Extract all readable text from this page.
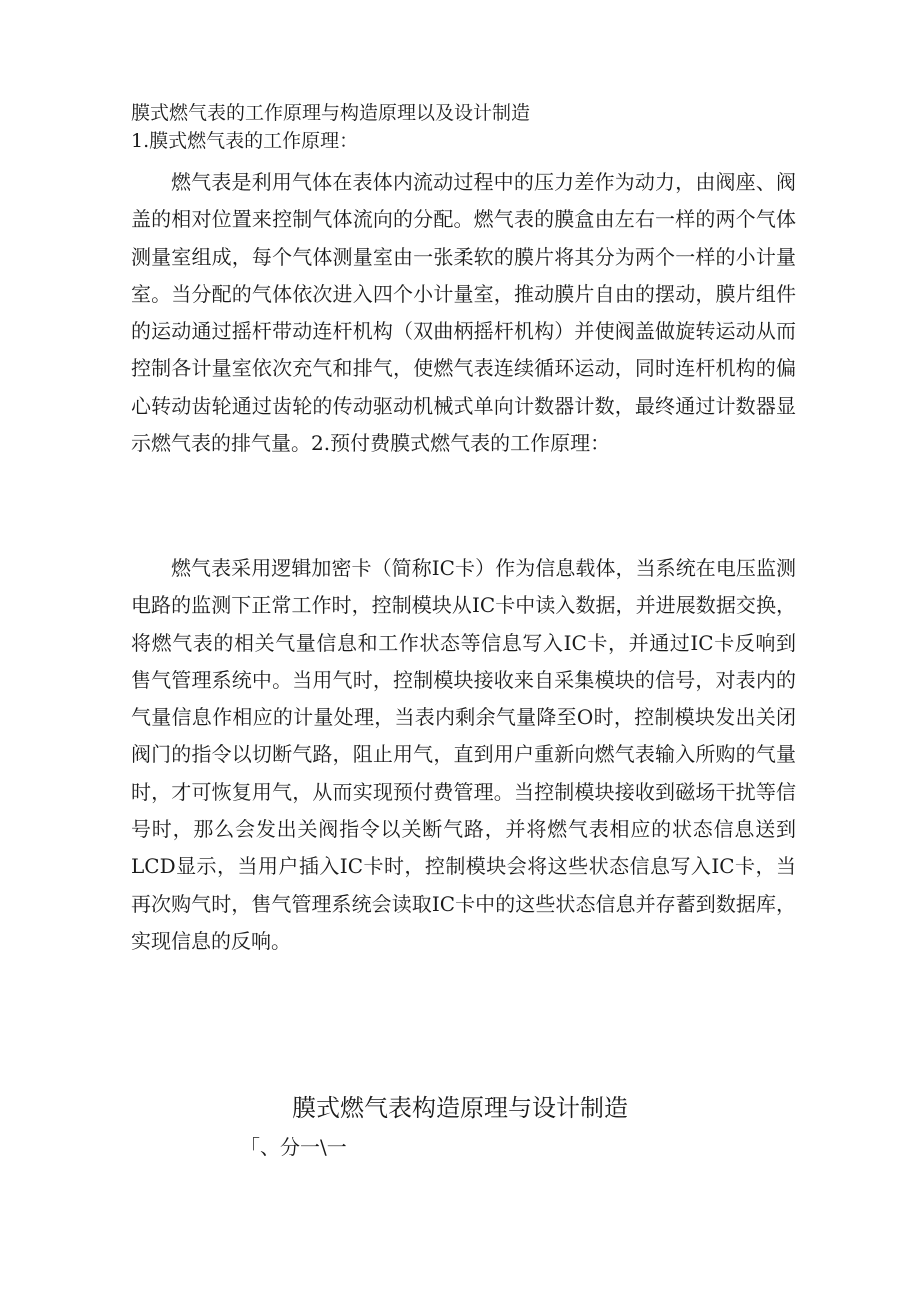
膜式燃气表的工作原理与构造原理以及设计制造
1.膜式燃气表的工作原理：

燃气表是利用气体在表体内流动过程中的压力差作为动力，由阀座、阀盖的相对位置来控制气体流向的分配。燃气表的膜盒由左右一样的两个气体测量室组成，每个气体测量室由一张柔软的膜片将其分为两个一样的小计量室。当分配的气体依次进入四个小计量室，推动膜片自由的摆动，膜片组件的运动通过摇杆带动连杆机构（双曲柄摇杆机构）并使阀盖做旋转运动从而控制各计量室依次充气和排气，使燃气表连续循环运动，同时连杆机构的偏心转动齿轮通过齿轮的传动驱动机械式单向计数器计数，最终通过计数器显示燃气表的排气量。2.预付费膜式燃气表的工作原理：

燃气表采用逻辑加密卡（简称IC卡）作为信息载体，当系统在电压监测电路的监测下正常工作时，控制模块从IC卡中读入数据，并进展数据交换，将燃气表的相关气量信息和工作状态等信息写入IC卡，并通过IC卡反响到售气管理系统中。当用气时，控制模块接收来自采集模块的信号，对表内的气量信息作相应的计量处理，当表内剩余气量降至O时，控制模块发出关闭阀门的指令以切断气路，阻止用气，直到用户重新向燃气表输入所购的气量时，才可恢复用气，从而实现预付费管理。当控制模块接收到磁场干扰等信号时，那么会发出关阀指令以关断气路，并将燃气表相应的状态信息送到LCD显示，当用户插入IC卡时，控制模块会将这些状态信息写入IC卡，当再次购气时，售气管理系统会读取IC卡中的这些状态信息并存蓄到数据库，实现信息的反响。

膜式燃气表构造原理与设计制造
「、分一\一
